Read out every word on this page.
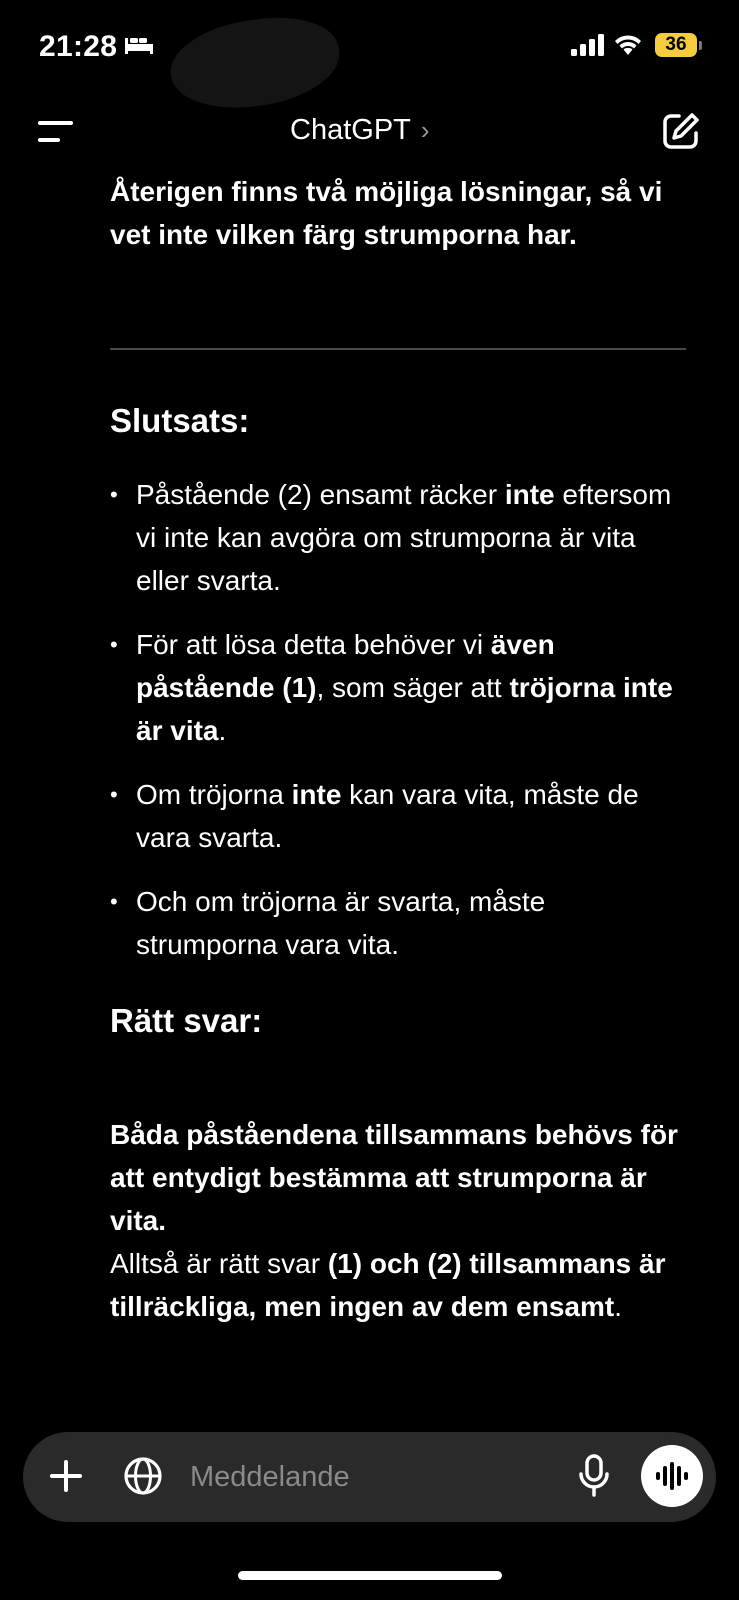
21:28	36
ChatGPT ›

Återigen finns två möjliga lösningar, så vi vet inte vilken färg strumporna har.

Slutsats:
• Påstående (2) ensamt räcker inte eftersom vi inte kan avgöra om strumporna är vita eller svarta.
• För att lösa detta behöver vi även påstående (1), som säger att tröjorna inte är vita.
• Om tröjorna inte kan vara vita, måste de vara svarta.
• Och om tröjorna är svarta, måste strumporna vara vita.
Rätt svar:

Båda påståendena tillsammans behövs för att entydigt bestämma att strumporna är vita.
Alltså är rätt svar (1) och (2) tillsammans är tillräckliga, men ingen av dem ensamt.

Meddelande
